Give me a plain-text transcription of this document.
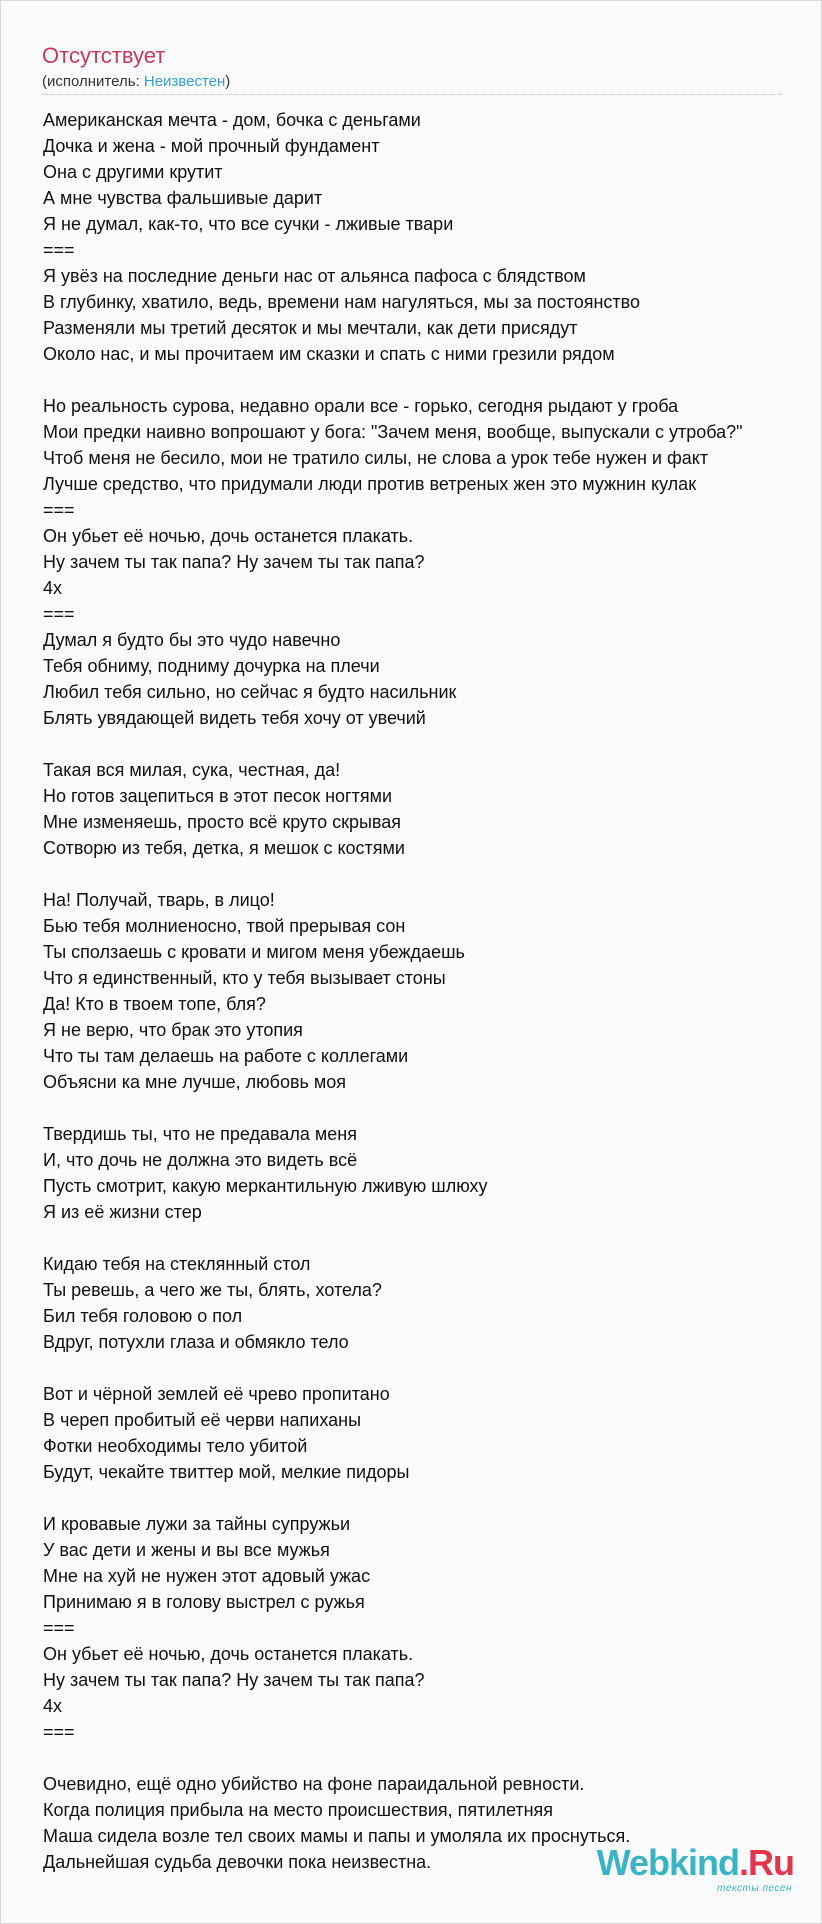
Отсутствует
(исполнитель: Неизвестен)
Американская мечта - дом, бочка с деньгами
Дочка и жена - мой прочный фундамент
Она с другими крутит
А мне чувства фальшивые дарит
Я не думал, как-то, что все сучки - лживые твари
===
Я увёз на последние деньги нас от альянса пафоса с блядством
В глубинку, хватило, ведь, времени нам нагуляться, мы за постоянство
Разменяли мы третий десяток и мы мечтали, как дети присядут
Около нас, и мы прочитаем им сказки и спать с ними грезили рядом
Но реальность сурова, недавно орали все - горько, сегодня рыдают у гроба
Мои предки наивно вопрошают у бога: "Зачем меня, вообще, выпускали с утроба?"
Чтоб меня не бесило, мои не тратило силы, не слова а урок тебе нужен и факт
Лучше средство, что придумали люди против ветреных жен это мужнин кулак
===
Он убьет её ночью, дочь останется плакать.
Ну зачем ты так папа? Ну зачем ты так папа?
4х
===
Думал я будто бы это чудо навечно
Тебя обниму, подниму дочурка на плечи
Любил тебя сильно, но сейчас я будто насильник
Блять увядающей видеть тебя хочу от увечий
Такая вся милая, сука, честная, да!
Но готов зацепиться в этот песок ногтями
Мне изменяешь, просто всё круто скрывая
Сотворю из тебя, детка, я мешок с костями
На! Получай, тварь, в лицо!
Бью тебя молниеносно, твой прерывая сон
Ты сползаешь с кровати и мигом меня убеждаешь
Что я единственный, кто у тебя вызывает стоны
Да! Кто в твоем топе, бля?
Я не верю, что брак это утопия
Что ты там делаешь на работе с коллегами
Объясни ка мне лучше, любовь моя
Твердишь ты, что не предавала меня
И, что дочь не должна это видеть всё
Пусть смотрит, какую меркантильную лживую шлюху
Я из её жизни стер
Кидаю тебя на стеклянный стол
Ты ревешь, а чего же ты, блять, хотела?
Бил тебя головою о пол
Вдруг, потухли глаза и обмякло тело
Вот и чёрной землей её чрево пропитано
В череп пробитый её черви напиханы
Фотки необходимы тело убитой
Будут, чекайте твиттер мой, мелкие пидоры
И кровавые лужи за тайны супружьи
У вас дети и жены и вы все мужья
Мне на хуй не нужен этот адовый ужас
Принимаю я в голову выстрел с ружья
===
Он убьет её ночью, дочь останется плакать.
Ну зачем ты так папа? Ну зачем ты так папа?
4х
===
Очевидно, ещё одно убийство на фоне параидальной ревности.
Когда полиция прибыла на место происшествия, пятилетняя
Маша сидела возле тел своих мамы и папы и умоляла их проснуться.
Дальнейшая судьба девочки пока неизвестна.	Webkind.Ru
тексты песен
